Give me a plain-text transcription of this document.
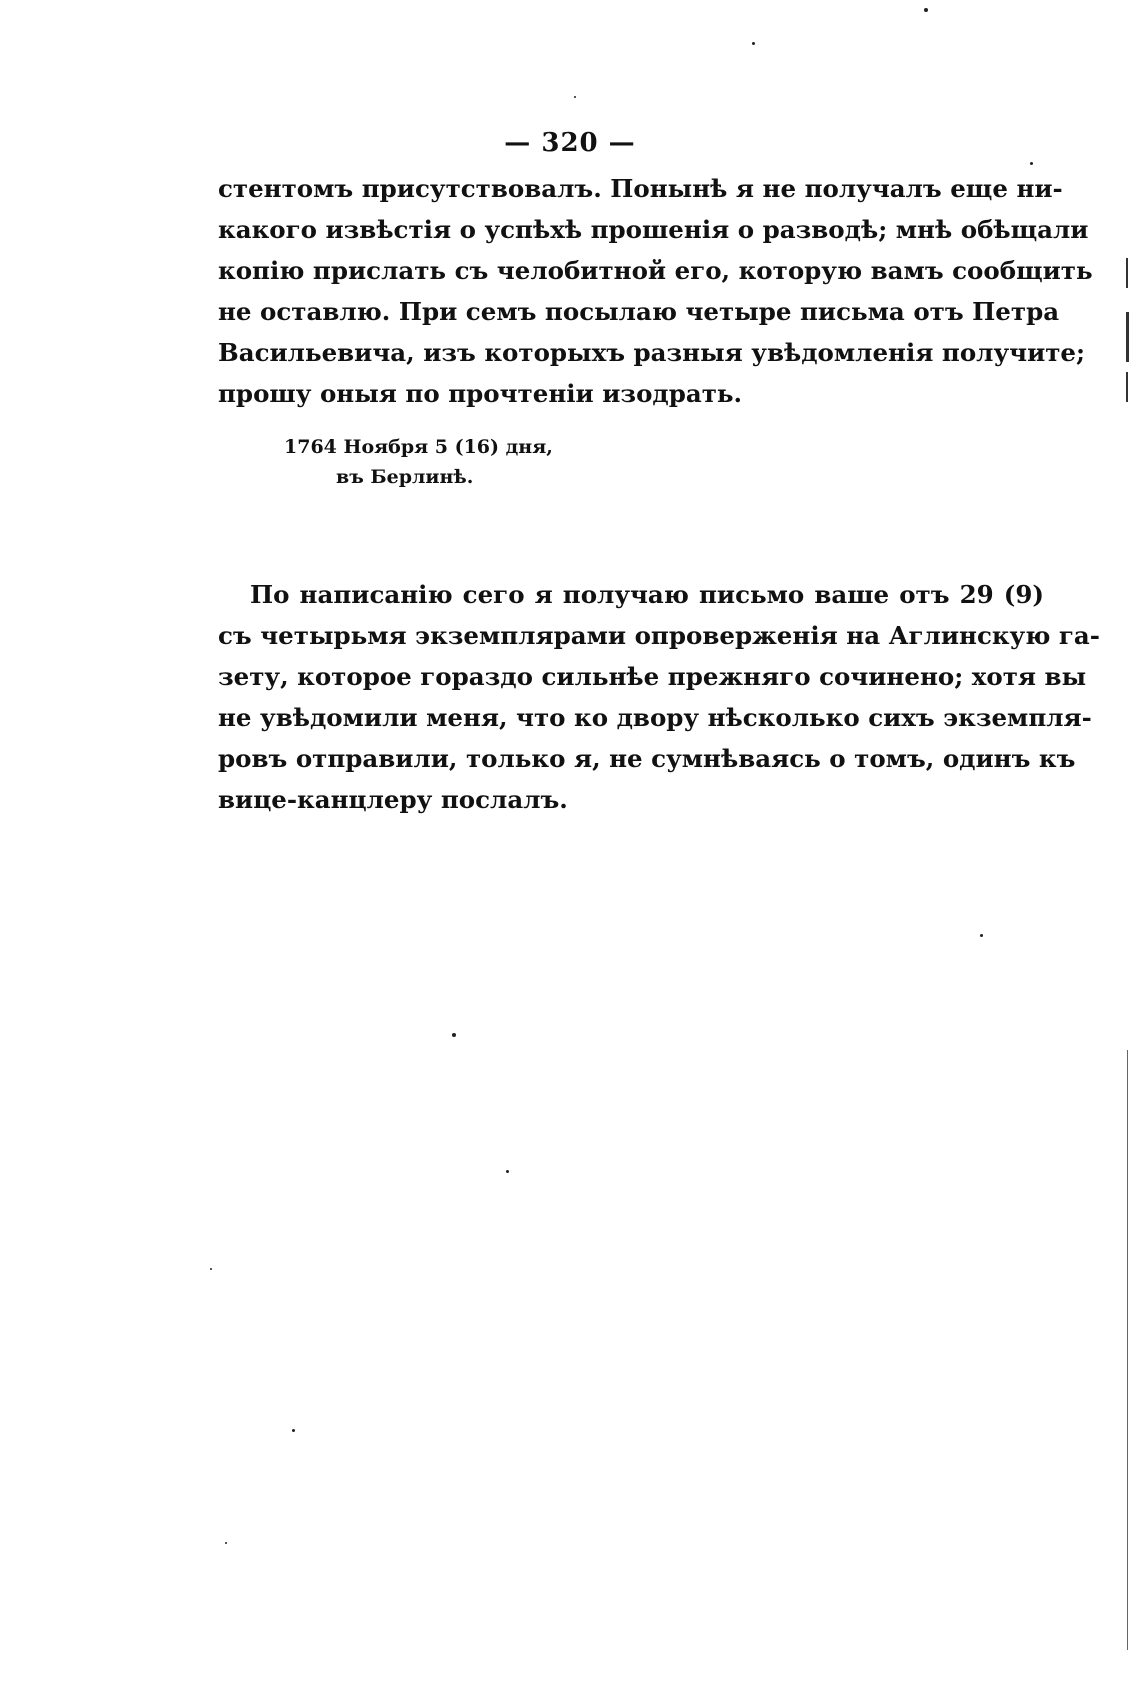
— 320 —
стентомъ присутствовалъ. Понынѣ я не получалъ еще ни-
какого извѣстія о успѣхѣ прошенія о разводѣ; мнѣ обѣщали
копію прислать съ челобитной его, которую вамъ сообщить
не оставлю. При семъ посылаю четыре письма отъ Петра
Васильевича, изъ которыхъ разныя увѣдомленія получите;
прошу оныя по прочтеніи изодрать.
1764 Ноября 5 (16) дня,
въ Берлинѣ.
По написанію сего я получаю письмо ваше отъ 29 (9)
съ четырьмя экземплярами опроверженія на Аглинскую га-
зету, которое гораздо сильнѣе прежняго сочинено; хотя вы
не увѣдомили меня, что ко двору нѣсколько сихъ экземпля-
ровъ отправили, только я, не сумнѣваясь о томъ, одинъ къ
вице-канцлеру послалъ.
